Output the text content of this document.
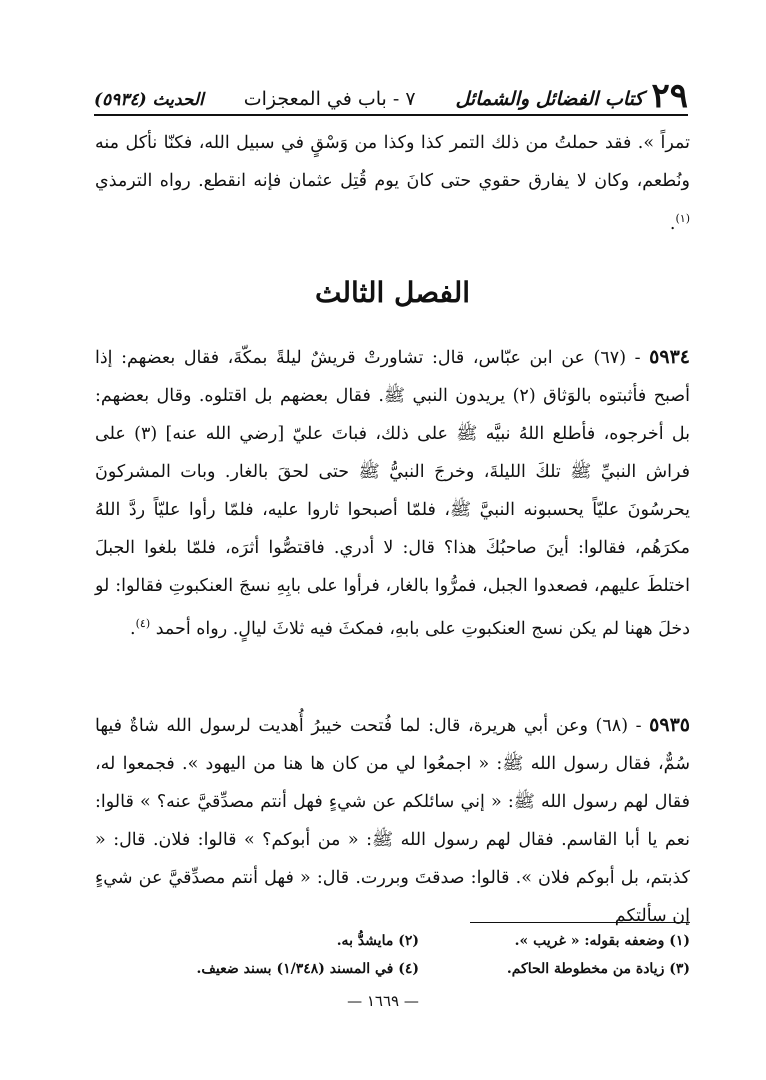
٢٩
كتاب الفضائل والشمائل
٧ - باب في المعجزات
الحديث (٥٩٣٤)
تمراً ». فقد حملتُ من ذلك التمر كذا وكذا من وَسْقٍ في سبيل الله، فكنّا نأكل منه ونُطعم، وكان لا يفارق حقوي حتى كانَ يوم قُتِل عثمان فإنه انقطع. رواه الترمذي $^{(١)}$.
الفصل الثالث
٥٩٣٤ - (٦٧) عن ابن عبّاس، قال: تشاورتْ قريشٌ ليلةً بمكّةَ، فقال بعضهم: إذا أصبح فأثبتوه بالوَثاق (٢) يريدون النبي ﷺ. فقال بعضهم بل اقتلوه. وقال بعضهم: بل أخرجوه، فأطلع اللهُ نبيَّه ﷺ على ذلك، فباتَ عليّ [رضي الله عنه] (٣) على فراش النبيِّ ﷺ تلكَ الليلةَ، وخرجَ النبيُّ ﷺ حتى لحقَ بالغار. وبات المشركونَ يحرسُونَ عليّاً يحسبونه النبيَّ ﷺ، فلمّا أصبحوا ثاروا عليه، فلمّا رأوا عليّاً ردَّ اللهُ مكرَهُم، فقالوا: أينَ صاحبُكَ هذا؟ قال: لا أدري. فاقتصُّوا أثرَه، فلمّا بلغوا الجبلَ اختلطَ عليهم، فصعدوا الجبل، فمرُّوا بالغار، فرأوا على بابِهِ نسجَ العنكبوتِ فقالوا: لو دخلَ ههنا لم يكن نسج العنكبوتِ على بابهِ، فمكثَ فيه ثلاثَ ليالٍ. رواه أحمد $^{(٤)}$.
٥٩٣٥ - (٦٨) وعن أبي هريرة، قال: لما فُتحت خيبرُ أُهديت لرسول الله شاةٌ فيها سُمٌّ، فقال رسول الله ﷺ: « اجمعُوا لي من كان ها هنا من اليهود ». فجمعوا له، فقال لهم رسول الله ﷺ: « إني سائلكم عن شيءٍ فهل أنتم مصدِّقيَّ عنه؟ » قالوا: نعم يا أبا القاسم. فقال لهم رسول الله ﷺ: « من أبوكم؟ » قالوا: فلان. قال: « كذبتم، بل أبوكم فلان ». قالوا: صدقتَ وبررت. قال: « فهل أنتم مصدِّقيَّ عن شيءٍ إن سألتكم
(١) وضعفه بقوله: « غريب ».
(٢) مايشدُّ به.
(٣) زيادة من مخطوطة الحاكم.
(٤) في المسند (١/٣٤٨) بسند ضعيف.
— ١٦٦٩ —
